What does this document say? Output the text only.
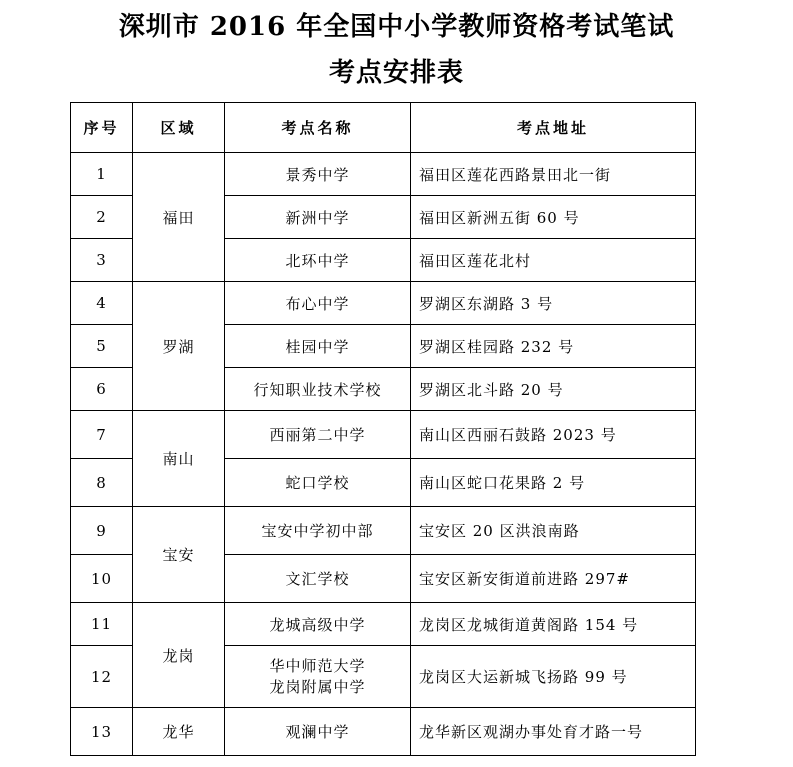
深圳市 2016 年全国中小学教师资格考试笔试
考点安排表
序号	区域	考点名称	考点地址
1	福田	景秀中学	福田区莲花西路景田北一街
2		新洲中学	福田区新洲五街 60 号
3		北环中学	福田区莲花北村
4	罗湖	布心中学	罗湖区东湖路 3 号
5		桂园中学	罗湖区桂园路 232 号
6		行知职业技术学校	罗湖区北斗路 20 号
7	南山	西丽第二中学	南山区西丽石鼓路 2023 号
8		蛇口学校	南山区蛇口花果路 2 号
9	宝安	宝安中学初中部	宝安区 20 区洪浪南路
10		文汇学校	宝安区新安街道前进路 297#
11	龙岗	龙城高级中学	龙岗区龙城街道黄阁路 154 号
12		华中师范大学
龙岗附属中学	龙岗区大运新城飞扬路 99 号
13	龙华	观澜中学	龙华新区观湖办事处育才路一号
